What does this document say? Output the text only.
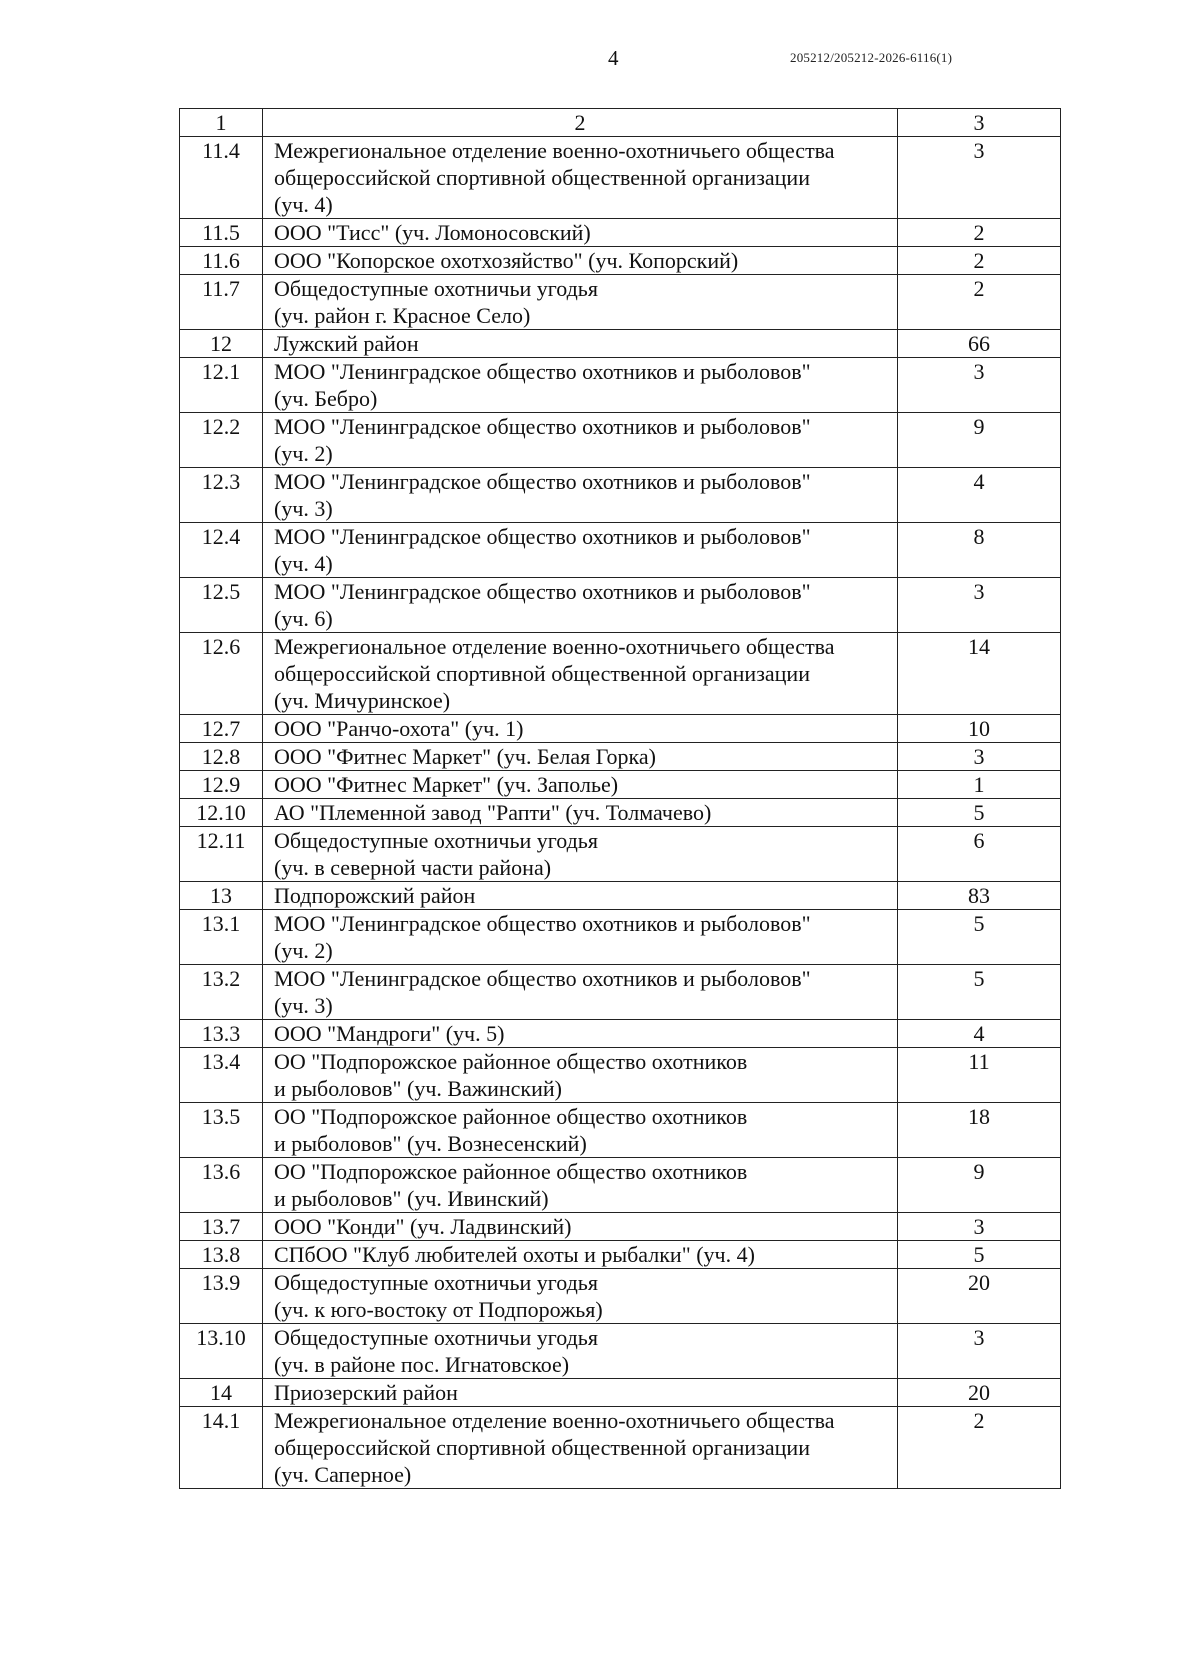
4	205212/205212-2026-6116(1)
1	2	3
11.4	Межрегиональное отделение военно-охотничьего общества
общероссийской спортивной общественной организации
(уч. 4)	3
11.5	ООО "Тисс" (уч. Ломоносовский)	2
11.6	ООО "Копорское охотхозяйство" (уч. Копорский)	2
11.7	Общедоступные охотничьи угодья
(уч. район г. Красное Село)	2
12	Лужский район	66
12.1	МОО "Ленинградское общество охотников и рыболовов"
(уч. Бебро)	3
12.2	МОО "Ленинградское общество охотников и рыболовов"
(уч. 2)	9
12.3	МОО "Ленинградское общество охотников и рыболовов"
(уч. 3)	4
12.4	МОО "Ленинградское общество охотников и рыболовов"
(уч. 4)	8
12.5	МОО "Ленинградское общество охотников и рыболовов"
(уч. 6)	3
12.6	Межрегиональное отделение военно-охотничьего общества
общероссийской спортивной общественной организации
(уч. Мичуринское)	14
12.7	ООО "Ранчо-охота" (уч. 1)	10
12.8	ООО "Фитнес Маркет" (уч. Белая Горка)	3
12.9	ООО "Фитнес Маркет" (уч. Заполье)	1
12.10	АО "Племенной завод "Рапти" (уч. Толмачево)	5
12.11	Общедоступные охотничьи угодья
(уч. в северной части района)	6
13	Подпорожский район	83
13.1	МОО "Ленинградское общество охотников и рыболовов"
(уч. 2)	5
13.2	МОО "Ленинградское общество охотников и рыболовов"
(уч. 3)	5
13.3	ООО "Мандроги" (уч. 5)	4
13.4	ОО "Подпорожское районное общество охотников
и рыболовов" (уч. Важинский)	11
13.5	ОО "Подпорожское районное общество охотников
и рыболовов" (уч. Вознесенский)	18
13.6	ОО "Подпорожское районное общество охотников
и рыболовов" (уч. Ивинский)	9
13.7	ООО "Конди" (уч. Ладвинский)	3
13.8	СПбОО "Клуб любителей охоты и рыбалки" (уч. 4)	5
13.9	Общедоступные охотничьи угодья
(уч. к юго-востоку от Подпорожья)	20
13.10	Общедоступные охотничьи угодья
(уч. в районе пос. Игнатовское)	3
14	Приозерский район	20
14.1	Межрегиональное отделение военно-охотничьего общества
общероссийской спортивной общественной организации
(уч. Саперное)	2
